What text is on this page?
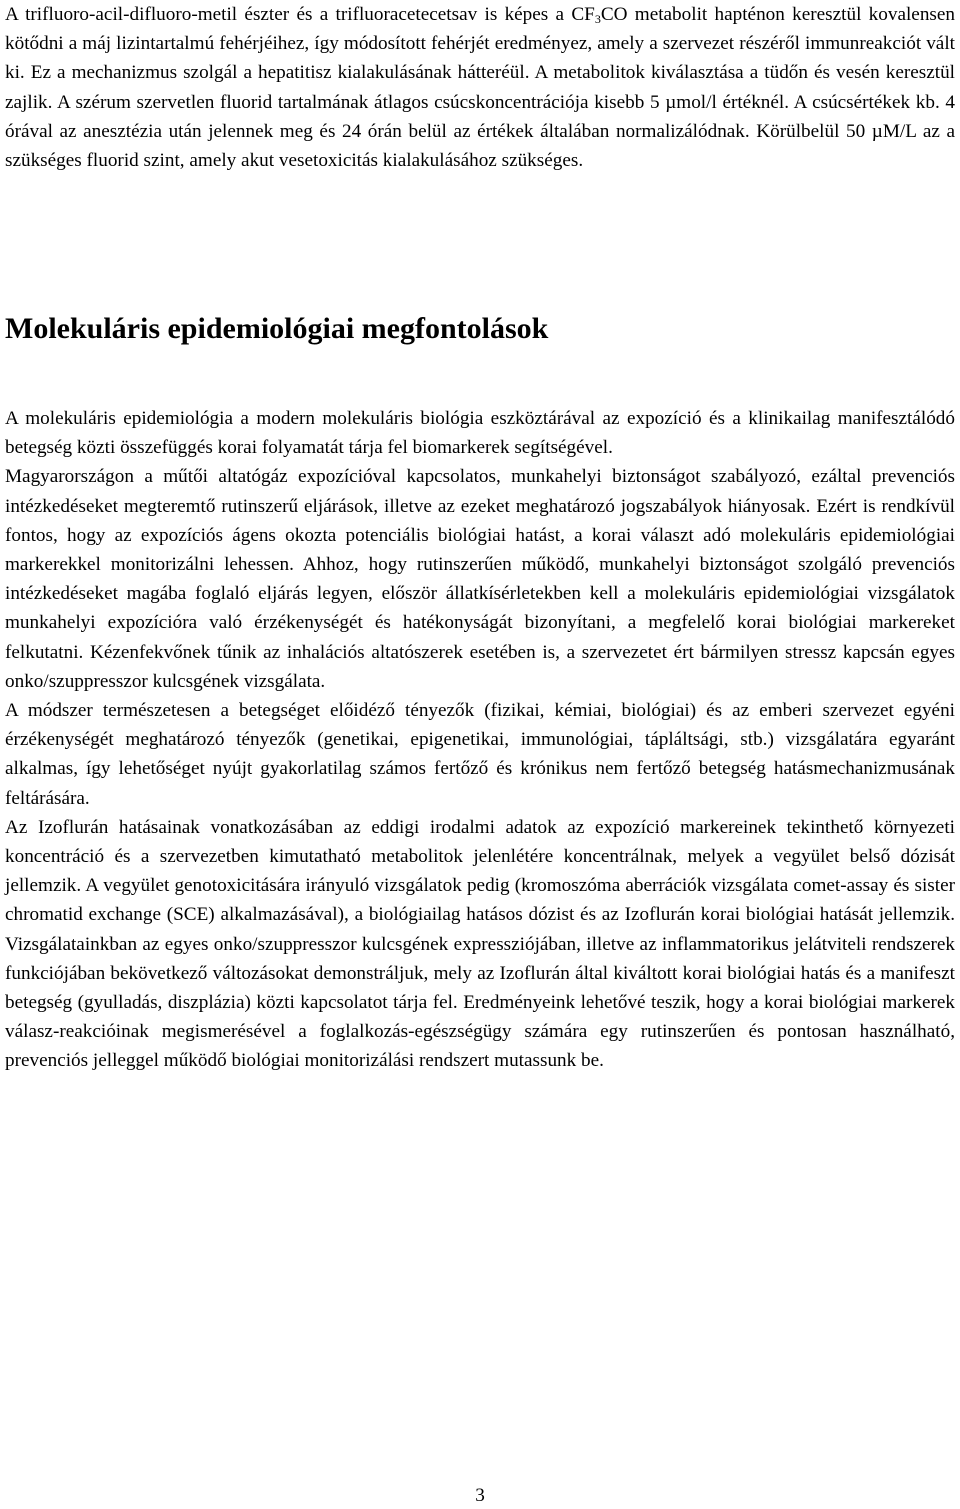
A trifluoro-acil-difluoro-metil észter és a trifluoracetecetsav is képes a $CF_3CO$ metabolit hapténon keresztül kovalensen kötődni a máj lizintartalmú fehérjéihez, így módosított fehérjét eredményez, amely a szervezet részéről immunreakciót vált ki. Ez a mechanizmus szolgál a hepatitisz kialakulásának hátteréül. A metabolitok kiválasztása a tüdőn és vesén keresztül zajlik. A szérum szervetlen fluorid tartalmának átlagos csúcskoncentrációja kisebb 5 µmol/l értéknél. A csúcsértékek kb. 4 órával az anesztézia után jelennek meg és 24 órán belül az értékek általában normalizálódnak. Körülbelül 50 µM/L az a szükséges fluorid szint, amely akut vesetoxicitás kialakulásához szükséges.

Molekuláris epidemiológiai megfontolások

A molekuláris epidemiológia a modern molekuláris biológia eszköztárával az expozíció és a klinikailag manifesztálódó betegség közti összefüggés korai folyamatát tárja fel biomarkerek segítségével.

Magyarországon a műtői altatógáz expozícióval kapcsolatos, munkahelyi biztonságot szabályozó, ezáltal prevenciós intézkedéseket megteremtő rutinszerű eljárások, illetve az ezeket meghatározó jogszabályok hiányosak. Ezért is rendkívül fontos, hogy az expozíciós ágens okozta potenciális biológiai hatást, a korai választ adó molekuláris epidemiológiai markerekkel monitorizálni lehessen. Ahhoz, hogy rutinszerűen működő, munkahelyi biztonságot szolgáló prevenciós intézkedéseket magába foglaló eljárás legyen, először állatkísérletekben kell a molekuláris epidemiológiai vizsgálatok munkahelyi expozícióra való érzékenységét és hatékonyságát bizonyítani, a megfelelő korai biológiai markereket felkutatni. Kézenfekvőnek tűnik az inhalációs altatószerek esetében is, a szervezetet ért bármilyen stressz kapcsán egyes onko/szuppresszor kulcsgének vizsgálata.

A módszer természetesen a betegséget előidéző tényezők (fizikai, kémiai, biológiai) és az emberi szervezet egyéni érzékenységét meghatározó tényezők (genetikai, epigenetikai, immunológiai, tápláltsági, stb.) vizsgálatára egyaránt alkalmas, így lehetőséget nyújt gyakorlatilag számos fertőző és krónikus nem fertőző betegség hatásmechanizmusának feltárására.

Az Izoflurán hatásainak vonatkozásában az eddigi irodalmi adatok az expozíció markereinek tekinthető környezeti koncentráció és a szervezetben kimutatható metabolitok jelenlétére koncentrálnak, melyek a vegyület belső dózisát jellemzik. A vegyület genotoxicitására irányuló vizsgálatok pedig (kromoszóma aberrációk vizsgálata comet-assay és sister chromatid exchange (SCE) alkalmazásával), a biológiailag hatásos dózist és az Izoflurán korai biológiai hatását jellemzik. Vizsgálatainkban az egyes onko/szuppresszor kulcsgének expressziójában, illetve az inflammatorikus jelátviteli rendszerek funkciójában bekövetkező változásokat demonstráljuk, mely az Izoflurán által kiváltott korai biológiai hatás és a manifeszt betegség (gyulladás, diszplázia) közti kapcsolatot tárja fel. Eredményeink lehetővé teszik, hogy a korai biológiai markerek válasz-reakcióinak megismerésével a foglalkozás-egészségügy számára egy rutinszerűen és pontosan használható, prevenciós jelleggel működő biológiai monitorizálási rendszert mutassunk be.

3
